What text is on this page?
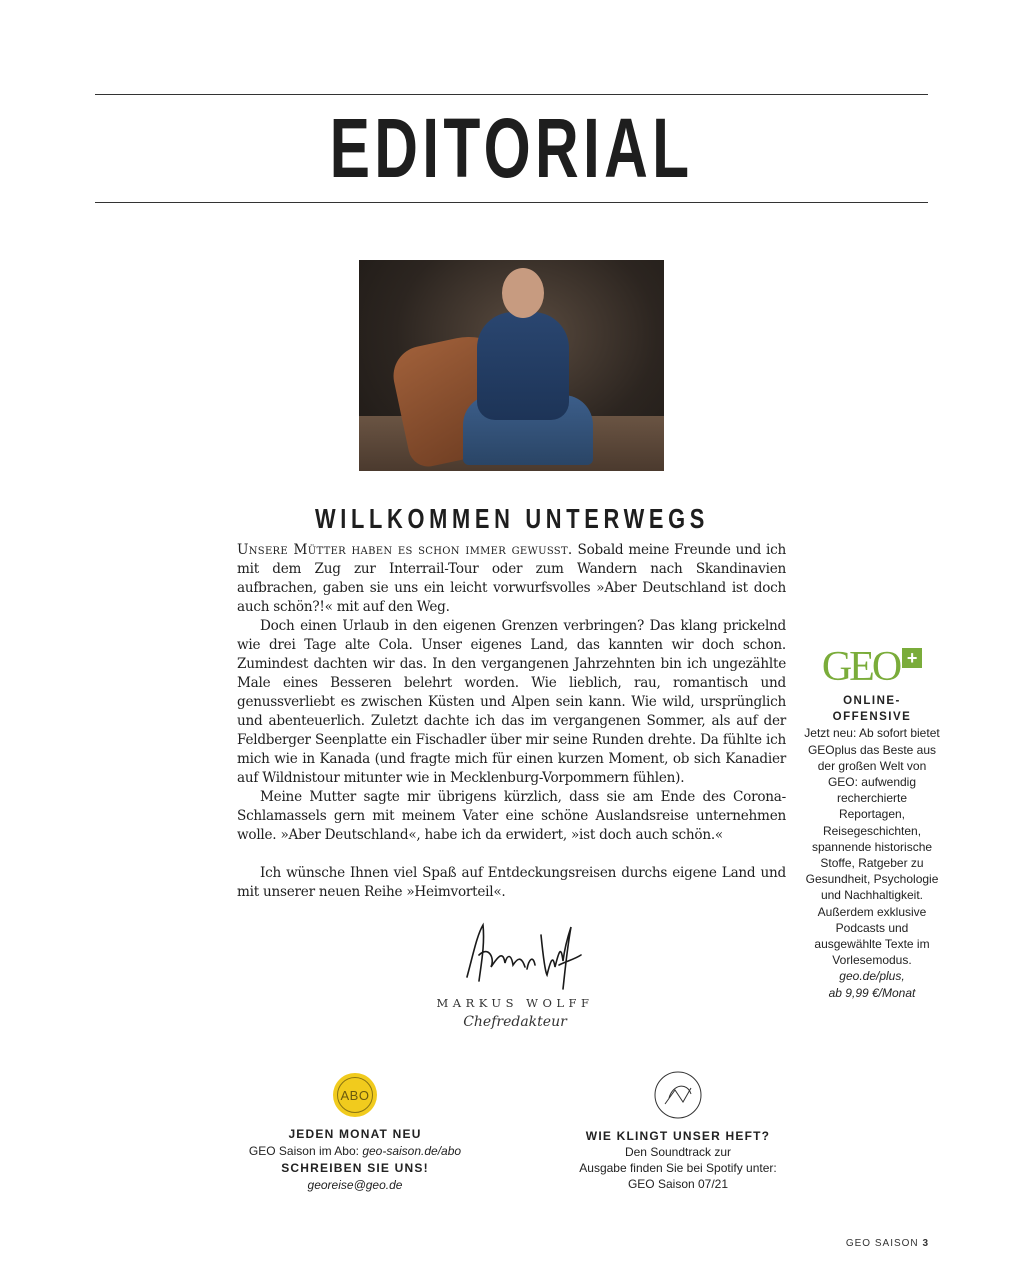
EDITORIAL
WILLKOMMEN UNTERWEGS

Unsere Mütter haben es schon immer gewusst. Sobald meine Freunde und ich mit dem Zug zur Interrail-Tour oder zum Wandern nach Skandinavien aufbrachen, gaben sie uns ein leicht vorwurfsvolles »Aber Deutschland ist doch auch schön?!« mit auf den Weg.

Doch einen Urlaub in den eigenen Grenzen verbringen? Das klang prickelnd wie drei Tage alte Cola. Unser eigenes Land, das kannten wir doch schon. Zumindest dachten wir das. In den vergangenen Jahrzehnten bin ich ungezählte Male eines Besseren belehrt worden. Wie lieblich, rau, romantisch und genussverliebt es zwischen Küsten und Alpen sein kann. Wie wild, ursprünglich und abenteuerlich. Zuletzt dachte ich das im vergangenen Sommer, als auf der Feldberger Seenplatte ein Fischadler über mir seine Runden drehte. Da fühlte ich mich wie in Kanada (und fragte mich für einen kurzen Moment, ob sich Kanadier auf Wildnistour mitunter wie in Mecklenburg-Vorpommern fühlen).

Meine Mutter sagte mir übrigens kürzlich, dass sie am Ende des Corona-Schlamassels gern mit meinem Vater eine schöne Auslandsreise unternehmen wolle. »Aber Deutschland«, habe ich da erwidert, »ist doch auch schön.«

Ich wünsche Ihnen viel Spaß auf Entdeckungsreisen durchs eigene Land und mit unserer neuen Reihe »Heimvorteil«.

MARKUS WOLFF
Chefredakteur
GEO +
ONLINE-OFFENSIVE
Jetzt neu: Ab sofort bietet GEOplus das Beste aus der großen Welt von GEO: aufwendig recherchierte Reportagen, Reisegeschichten, spannende historische Stoffe, Ratgeber zu Gesundheit, Psychologie und Nachhaltigkeit. Außerdem exklusive Podcasts und ausgewählte Texte im Vorlesemodus.
geo.de/plus,
ab 9,99 €/Monat
ABO
JEDEN MONAT NEU
GEO Saison im Abo: geo-saison.de/abo
SCHREIBEN SIE UNS!
georeise@geo.de
WIE KLINGT UNSER HEFT?
Den Soundtrack zur
Ausgabe finden Sie bei Spotify unter:
GEO Saison 07/21
GEO SAISON 3
